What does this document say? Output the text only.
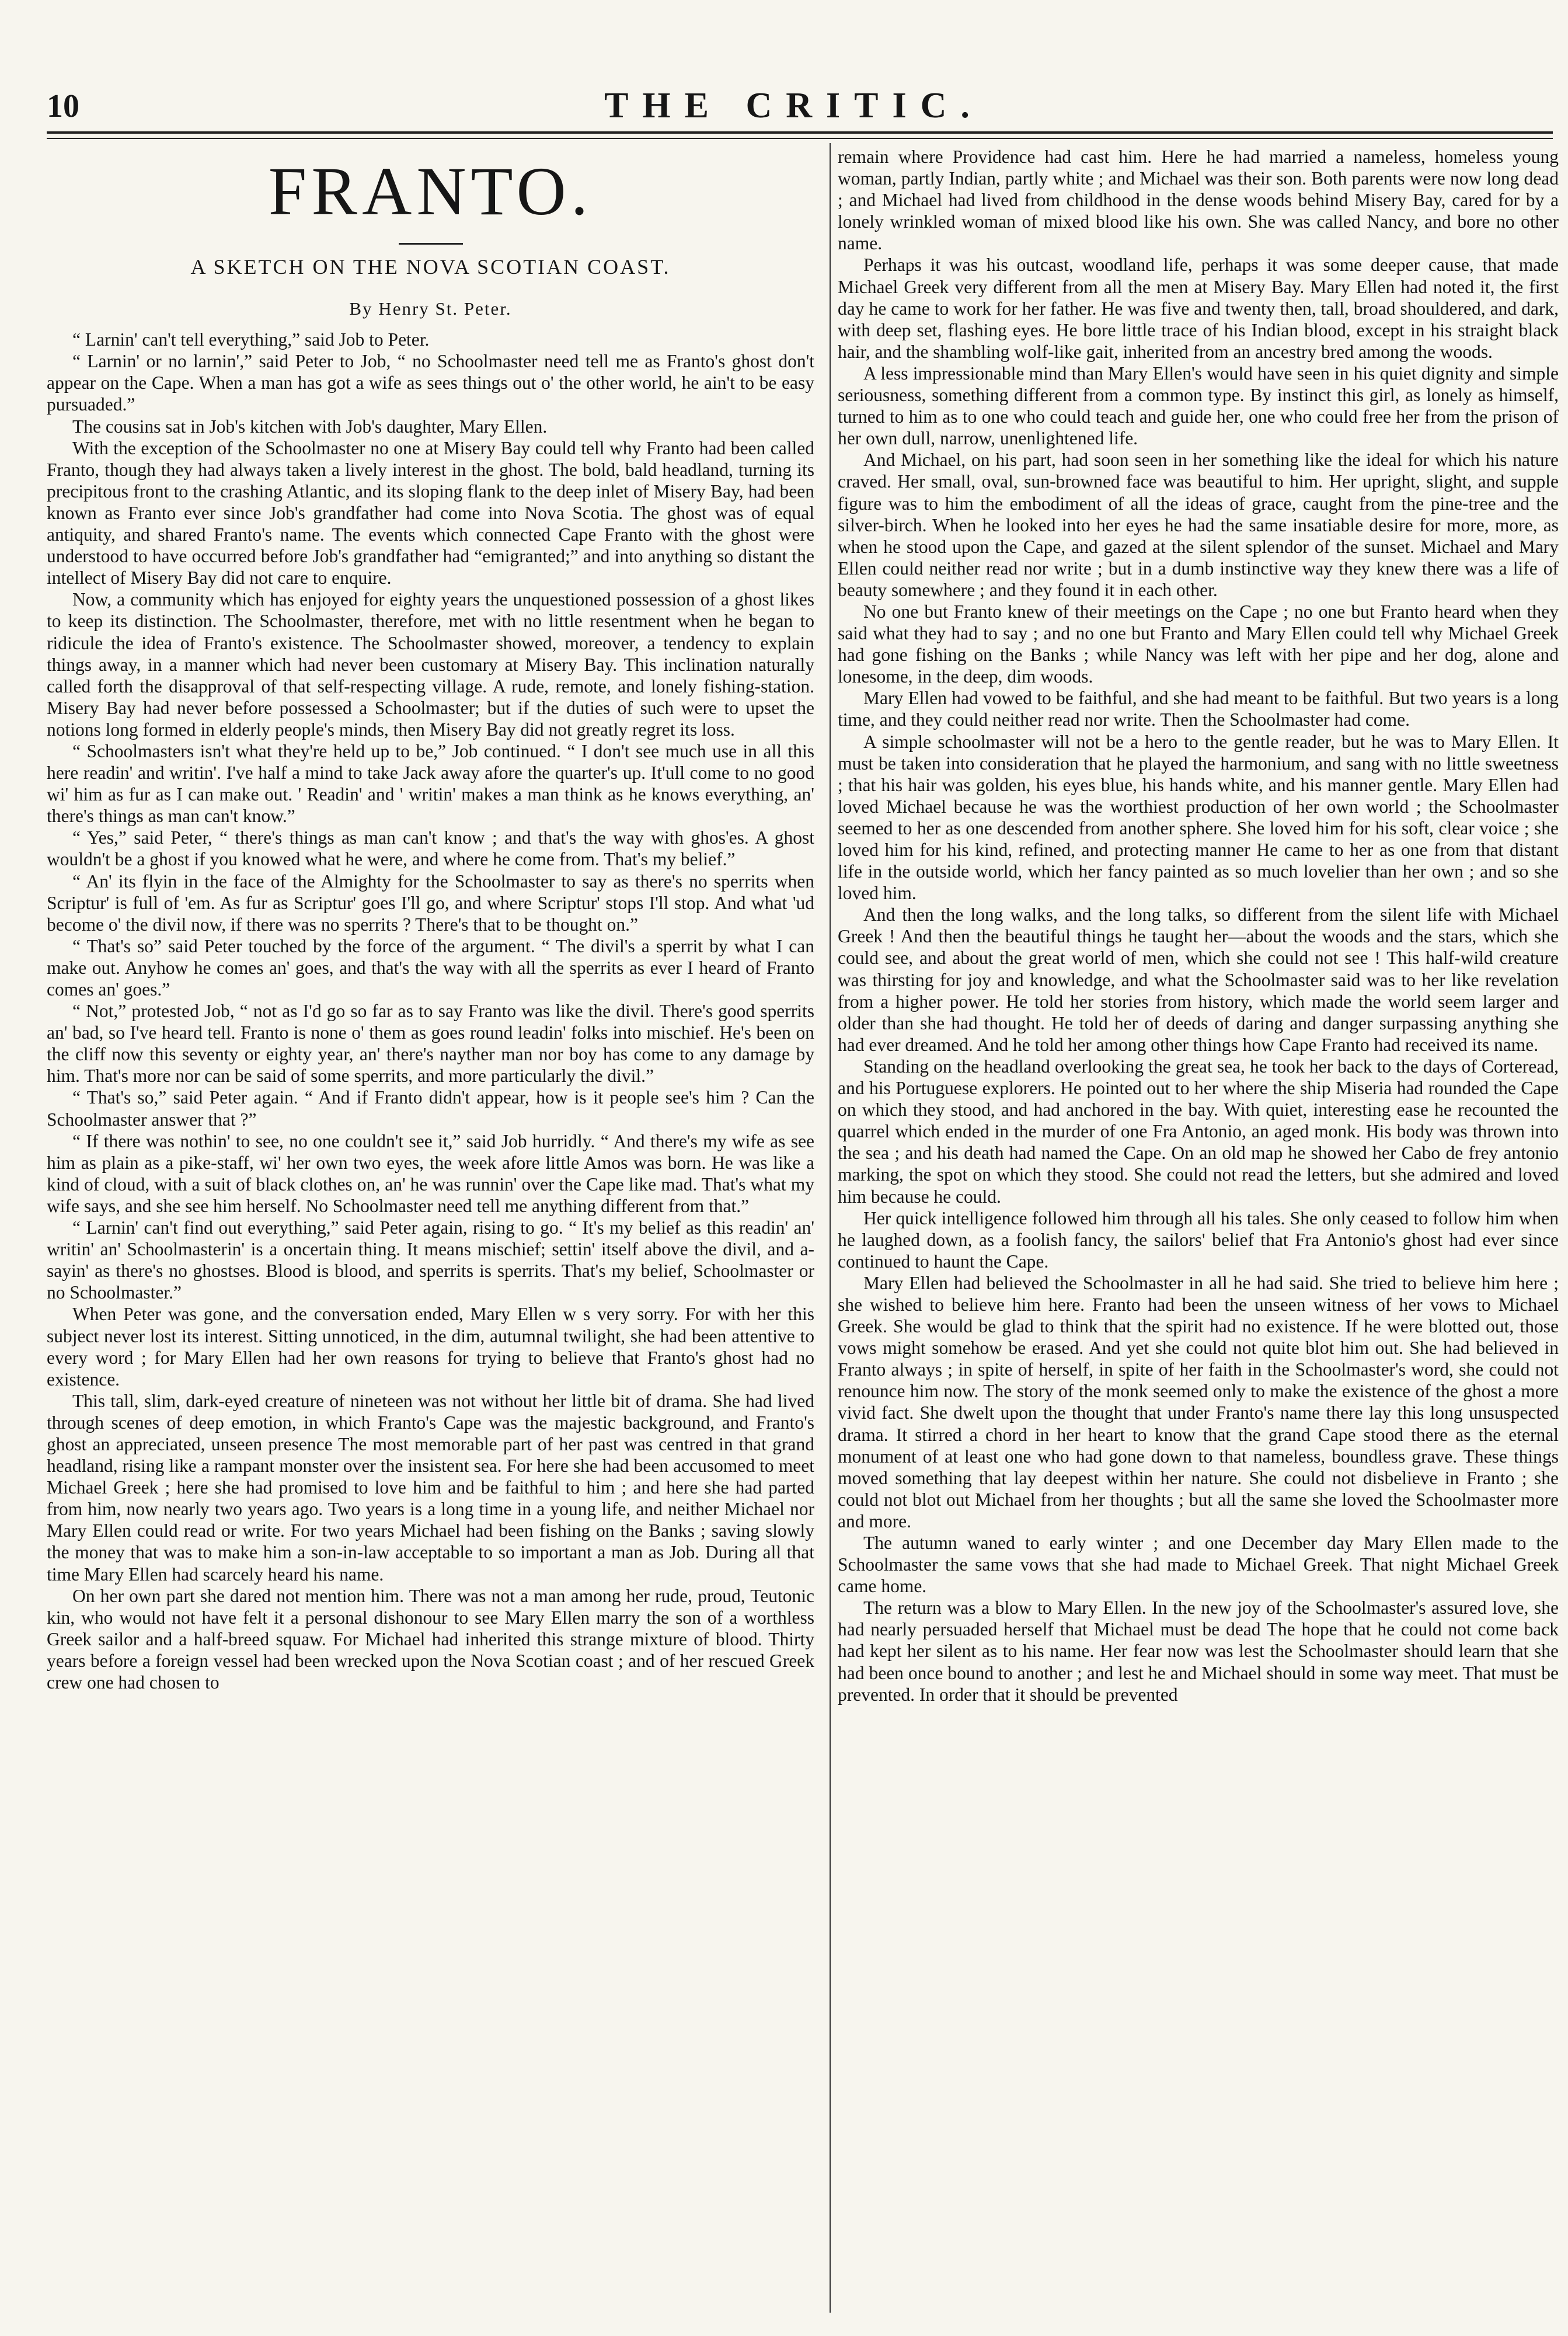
10	THE CRITIC.
FRANTO.
A SKETCH ON THE NOVA SCOTIAN COAST.
By Henry St. Peter.

“ Larnin' can't tell everything,” said Job to Peter.

“ Larnin' or no larnin',” said Peter to Job, “ no Schoolmaster need tell me as Franto's ghost don't appear on the Cape. When a man has got a wife as sees things out o' the other world, he ain't to be easy pursuaded.”

The cousins sat in Job's kitchen with Job's daughter, Mary Ellen.

With the exception of the Schoolmaster no one at Misery Bay could tell why Franto had been called Franto, though they had always taken a lively interest in the ghost. The bold, bald headland, turning its precipitous front to the crashing Atlantic, and its sloping flank to the deep inlet of Misery Bay, had been known as Franto ever since Job's grandfather had come into Nova Scotia. The ghost was of equal antiquity, and shared Franto's name. The events which connected Cape Franto with the ghost were understood to have occurred before Job's grandfather had “emigranted;” and into anything so distant the intellect of Misery Bay did not care to enquire.

Now, a community which has enjoyed for eighty years the unquestioned possession of a ghost likes to keep its distinction. The Schoolmaster, therefore, met with no little resentment when he began to ridicule the idea of Franto's existence. The Schoolmaster showed, moreover, a tendency to explain things away, in a manner which had never been customary at Misery Bay. This inclination naturally called forth the disapproval of that self-respecting village. A rude, remote, and lonely fishing-station. Misery Bay had never before possessed a Schoolmaster; but if the duties of such were to upset the notions long formed in elderly people's minds, then Misery Bay did not greatly regret its loss.

“ Schoolmasters isn't what they're held up to be,” Job continued. “ I don't see much use in all this here readin' and writin'. I've half a mind to take Jack away afore the quarter's up. It'ull come to no good wi' him as fur as I can make out. ' Readin' and ' writin' makes a man think as he knows everything, an' there's things as man can't know.”

“ Yes,” said Peter, “ there's things as man can't know ; and that's the way with ghos'es. A ghost wouldn't be a ghost if you knowed what he were, and where he come from. That's my belief.”

“ An' its flyin in the face of the Almighty for the Schoolmaster to say as there's no sperrits when Scriptur' is full of 'em. As fur as Scriptur' goes I'll go, and where Scriptur' stops I'll stop. And what 'ud become o' the divil now, if there was no sperrits ? There's that to be thought on.”

“ That's so” said Peter touched by the force of the argument. “ The divil's a sperrit by what I can make out. Anyhow he comes an' goes, and that's the way with all the sperrits as ever I heard of Franto comes an' goes.”

“ Not,” protested Job, “ not as I'd go so far as to say Franto was like the divil. There's good sperrits an' bad, so I've heard tell. Franto is none o' them as goes round leadin' folks into mischief. He's been on the cliff now this seventy or eighty year, an' there's nayther man nor boy has come to any damage by him. That's more nor can be said of some sperrits, and more particularly the divil.”

“ That's so,” said Peter again. “ And if Franto didn't appear, how is it people see's him ? Can the Schoolmaster answer that ?”

“ If there was nothin' to see, no one couldn't see it,” said Job hurridly. “ And there's my wife as see him as plain as a pike-staff, wi' her own two eyes, the week afore little Amos was born. He was like a kind of cloud, with a suit of black clothes on, an' he was runnin' over the Cape like mad. That's what my wife says, and she see him herself. No Schoolmaster need tell me anything different from that.”

“ Larnin' can't find out everything,” said Peter again, rising to go. “ It's my belief as this readin' an' writin' an' Schoolmasterin' is a oncertain thing. It means mischief; settin' itself above the divil, and a-sayin' as there's no ghostses. Blood is blood, and sperrits is sperrits. That's my belief, Schoolmaster or no Schoolmaster.”

When Peter was gone, and the conversation ended, Mary Ellen w s very sorry. For with her this subject never lost its interest. Sitting unnoticed, in the dim, autumnal twilight, she had been attentive to every word ; for Mary Ellen had her own reasons for trying to believe that Franto's ghost had no existence.

This tall, slim, dark-eyed creature of nineteen was not without her little bit of drama. She had lived through scenes of deep emotion, in which Franto's Cape was the majestic background, and Franto's ghost an appreciated, unseen presence The most memorable part of her past was centred in that grand headland, rising like a rampant monster over the insistent sea. For here she had been accusomed to meet Michael Greek ; here she had promised to love him and be faithful to him ; and here she had parted from him, now nearly two years ago. Two years is a long time in a young life, and neither Michael nor Mary Ellen could read or write. For two years Michael had been fishing on the Banks ; saving slowly the money that was to make him a son-in-law acceptable to so important a man as Job. During all that time Mary Ellen had scarcely heard his name.

On her own part she dared not mention him. There was not a man among her rude, proud, Teutonic kin, who would not have felt it a personal dishonour to see Mary Ellen marry the son of a worthless Greek sailor and a half-breed squaw. For Michael had inherited this strange mixture of blood. Thirty years before a foreign vessel had been wrecked upon the Nova Scotian coast ; and of her rescued Greek crew one had chosen to

remain where Providence had cast him. Here he had married a nameless, homeless young woman, partly Indian, partly white ; and Michael was their son. Both parents were now long dead ; and Michael had lived from childhood in the dense woods behind Misery Bay, cared for by a lonely wrinkled woman of mixed blood like his own. She was called Nancy, and bore no other name.

Perhaps it was his outcast, woodland life, perhaps it was some deeper cause, that made Michael Greek very different from all the men at Misery Bay. Mary Ellen had noted it, the first day he came to work for her father. He was five and twenty then, tall, broad shouldered, and dark, with deep set, flashing eyes. He bore little trace of his Indian blood, except in his straight black hair, and the shambling wolf-like gait, inherited from an ancestry bred among the woods.

A less impressionable mind than Mary Ellen's would have seen in his quiet dignity and simple seriousness, something different from a common type. By instinct this girl, as lonely as himself, turned to him as to one who could teach and guide her, one who could free her from the prison of her own dull, narrow, unenlightened life.

And Michael, on his part, had soon seen in her something like the ideal for which his nature craved. Her small, oval, sun-browned face was beautiful to him. Her upright, slight, and supple figure was to him the embodiment of all the ideas of grace, caught from the pine-tree and the silver-birch. When he looked into her eyes he had the same insatiable desire for more, more, as when he stood upon the Cape, and gazed at the silent splendor of the sunset. Michael and Mary Ellen could neither read nor write ; but in a dumb instinctive way they knew there was a life of beauty somewhere ; and they found it in each other.

No one but Franto knew of their meetings on the Cape ; no one but Franto heard when they said what they had to say ; and no one but Franto and Mary Ellen could tell why Michael Greek had gone fishing on the Banks ; while Nancy was left with her pipe and her dog, alone and lonesome, in the deep, dim woods.

Mary Ellen had vowed to be faithful, and she had meant to be faithful. But two years is a long time, and they could neither read nor write. Then the Schoolmaster had come.

A simple schoolmaster will not be a hero to the gentle reader, but he was to Mary Ellen. It must be taken into consideration that he played the harmonium, and sang with no little sweetness ; that his hair was golden, his eyes blue, his hands white, and his manner gentle. Mary Ellen had loved Michael because he was the worthiest production of her own world ; the Schoolmaster seemed to her as one descended from another sphere. She loved him for his soft, clear voice ; she loved him for his kind, refined, and protecting manner He came to her as one from that distant life in the outside world, which her fancy painted as so much lovelier than her own ; and so she loved him.

And then the long walks, and the long talks, so different from the silent life with Michael Greek ! And then the beautiful things he taught her—about the woods and the stars, which she could see, and about the great world of men, which she could not see ! This half-wild creature was thirsting for joy and knowledge, and what the Schoolmaster said was to her like revelation from a higher power. He told her stories from history, which made the world seem larger and older than she had thought. He told her of deeds of daring and danger surpassing anything she had ever dreamed. And he told her among other things how Cape Franto had received its name.

Standing on the headland overlooking the great sea, he took her back to the days of Corteread, and his Portuguese explorers. He pointed out to her where the ship Miseria had rounded the Cape on which they stood, and had anchored in the bay. With quiet, interesting ease he recounted the quarrel which ended in the murder of one Fra Antonio, an aged monk. His body was thrown into the sea ; and his death had named the Cape. On an old map he showed her Cabo de frey antonio marking, the spot on which they stood. She could not read the letters, but she admired and loved him because he could.

Her quick intelligence followed him through all his tales. She only ceased to follow him when he laughed down, as a foolish fancy, the sailors' belief that Fra Antonio's ghost had ever since continued to haunt the Cape.

Mary Ellen had believed the Schoolmaster in all he had said. She tried to believe him here ; she wished to believe him here. Franto had been the unseen witness of her vows to Michael Greek. She would be glad to think that the spirit had no existence. If he were blotted out, those vows might somehow be erased. And yet she could not quite blot him out. She had believed in Franto always ; in spite of herself, in spite of her faith in the Schoolmaster's word, she could not renounce him now. The story of the monk seemed only to make the existence of the ghost a more vivid fact. She dwelt upon the thought that under Franto's name there lay this long unsuspected drama. It stirred a chord in her heart to know that the grand Cape stood there as the eternal monument of at least one who had gone down to that nameless, boundless grave. These things moved something that lay deepest within her nature. She could not disbelieve in Franto ; she could not blot out Michael from her thoughts ; but all the same she loved the Schoolmaster more and more.

The autumn waned to early winter ; and one December day Mary Ellen made to the Schoolmaster the same vows that she had made to Michael Greek. That night Michael Greek came home.

The return was a blow to Mary Ellen. In the new joy of the Schoolmaster's assured love, she had nearly persuaded herself that Michael must be dead The hope that he could not come back had kept her silent as to his name. Her fear now was lest the Schoolmaster should learn that she had been once bound to another ; and lest he and Michael should in some way meet. That must be prevented. In order that it should be prevented
